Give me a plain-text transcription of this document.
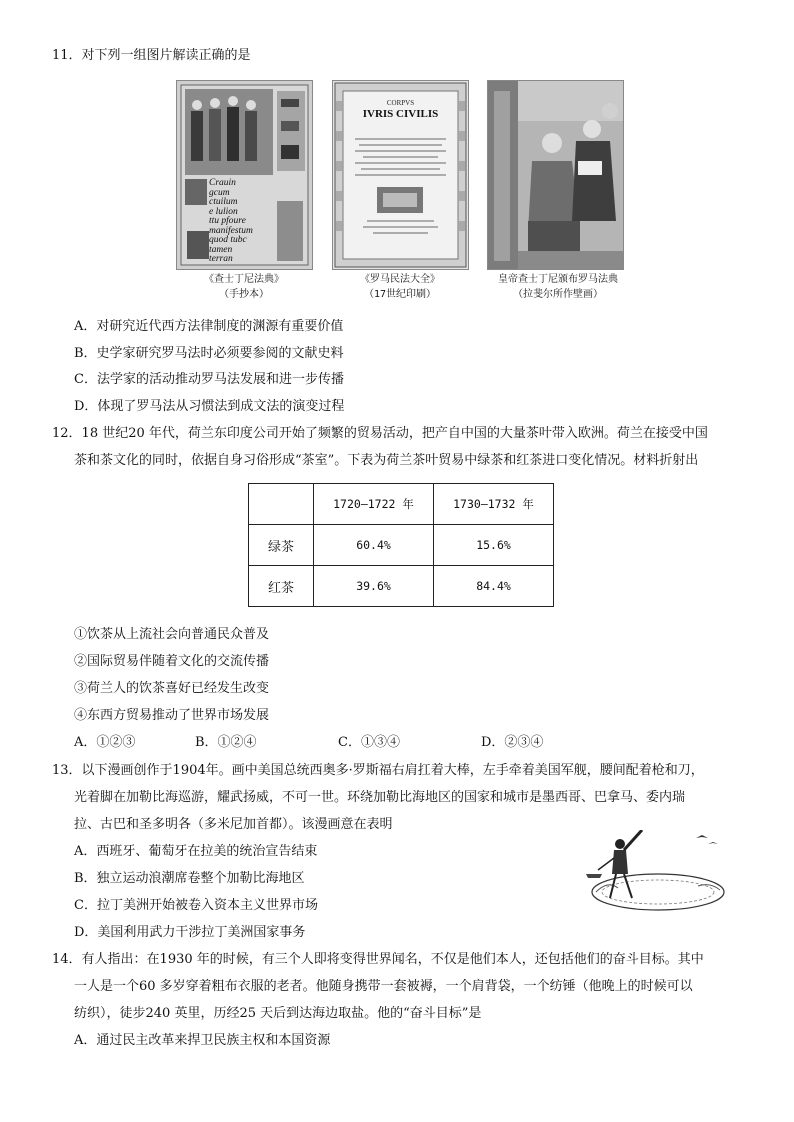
11．对下列一组图片解读正确的是
Crauin
gcum
ctuilum
e lulion
ttu pfoure
manifestum
quod tubc
tamen
terran
CORPVS
IVRIS CIVILIS
《查士丁尼法典》
（手抄本）
《罗马民法大全》
（17世纪印刷）
皇帝查士丁尼颁布罗马法典
（拉斐尔所作壁画）
A．对研究近代西方法律制度的渊源有重要价值
B．史学家研究罗马法时必须要参阅的文献史料
C．法学家的活动推动罗马法发展和进一步传播
D．体现了罗马法从习惯法到成文法的演变过程
12．18 世纪20 年代，荷兰东印度公司开始了频繁的贸易活动，把产自中国的大量茶叶带入欧洲。荷兰在接受中国
茶和茶文化的同时，依据自身习俗形成“茶室”。下表为荷兰茶叶贸易中绿茶和红茶进口变化情况。材料折射出
	1720—1722 年	1730—1732 年
绿茶	60.4%	15.6%
红茶	39.6%	84.4%
①饮茶从上流社会向普通民众普及
②国际贸易伴随着文化的交流传播
③荷兰人的饮茶喜好已经发生改变
④东西方贸易推动了世界市场发展
A．①②③	B．①②④	C．①③④	D．②③④
13．以下漫画创作于1904年。画中美国总统西奥多·罗斯福右肩扛着大棒，左手牵着美国军舰，腰间配着枪和刀，
光着脚在加勒比海巡游，耀武扬威，不可一世。环绕加勒比海地区的国家和城市是墨西哥、巴拿马、委内瑞
拉、古巴和圣多明各（多米尼加首都）。该漫画意在表明
A．西班牙、葡萄牙在拉美的统治宣告结束
B．独立运动浪潮席卷整个加勒比海地区
C．拉丁美洲开始被卷入资本主义世界市场
D．美国利用武力干涉拉丁美洲国家事务
14．有人指出：在1930 年的时候，有三个人即将变得世界闻名，不仅是他们本人，还包括他们的奋斗目标。其中
一人是一个60 多岁穿着粗布衣服的老者。他随身携带一套被褥，一个肩背袋，一个纺锤（他晚上的时候可以
纺织），徒步240 英里，历经25 天后到达海边取盐。他的“奋斗目标”是
A．通过民主改革来捍卫民族主权和本国资源
